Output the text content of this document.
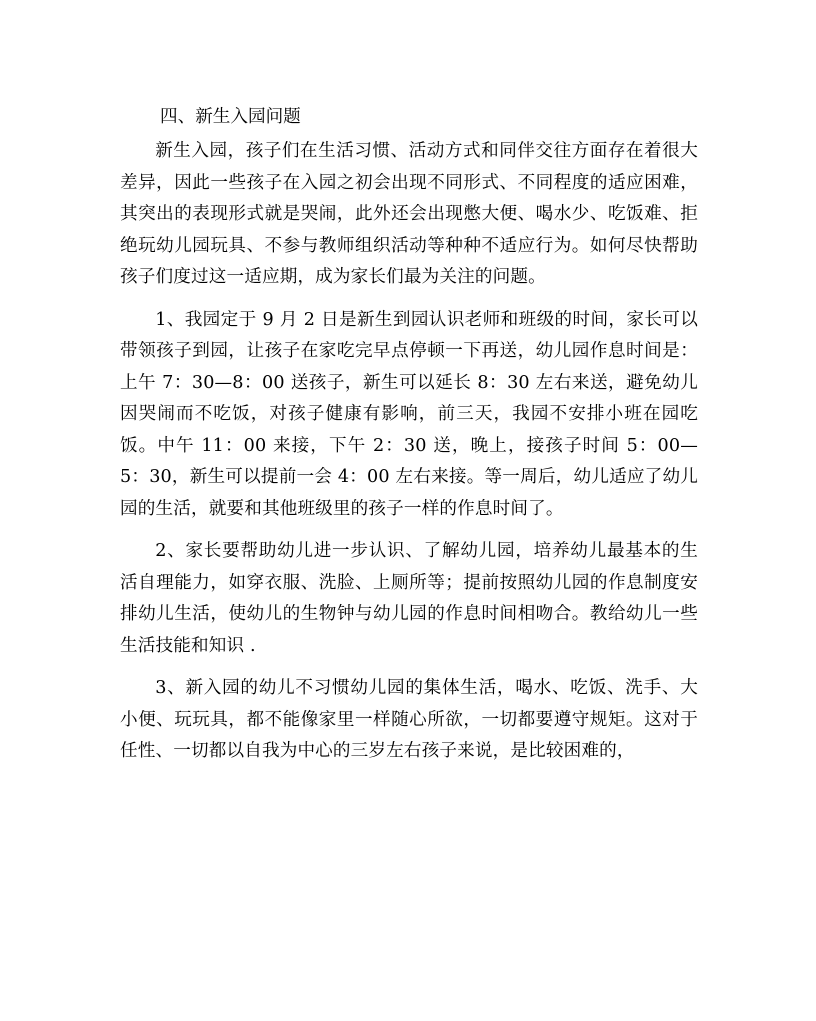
四、新生入园问题

新生入园，孩子们在生活习惯、活动方式和同伴交往方面存在着很大差异，因此一些孩子在入园之初会出现不同形式、不同程度的适应困难，其突出的表现形式就是哭闹，此外还会出现憋大便、喝水少、吃饭难、拒绝玩幼儿园玩具、不参与教师组织活动等种种不适应行为。如何尽快帮助孩子们度过这一适应期，成为家长们最为关注的问题。

1、我园定于 9 月 2 日是新生到园认识老师和班级的时间，家长可以带领孩子到园，让孩子在家吃完早点停顿一下再送，幼儿园作息时间是：上午 7：30—8：00 送孩子，新生可以延长 8：30 左右来送，避免幼儿因哭闹而不吃饭，对孩子健康有影响，前三天，我园不安排小班在园吃饭。中午 11：00 来接，下午 2：30 送，晚上，接孩子时间 5：00—5：30，新生可以提前一会 4：00 左右来接。等一周后，幼儿适应了幼儿园的生活，就要和其他班级里的孩子一样的作息时间了。

2、家长要帮助幼儿进一步认识、了解幼儿园，培养幼儿最基本的生活自理能力，如穿衣服、洗脸、上厕所等；提前按照幼儿园的作息制度安排幼儿生活，使幼儿的生物钟与幼儿园的作息时间相吻合。教给幼儿一些生活技能和知识 .

3、新入园的幼儿不习惯幼儿园的集体生活，喝水、吃饭、洗手、大小便、玩玩具，都不能像家里一样随心所欲，一切都要遵守规矩。这对于任性、一切都以自我为中心的三岁左右孩子来说，是比较困难的，
